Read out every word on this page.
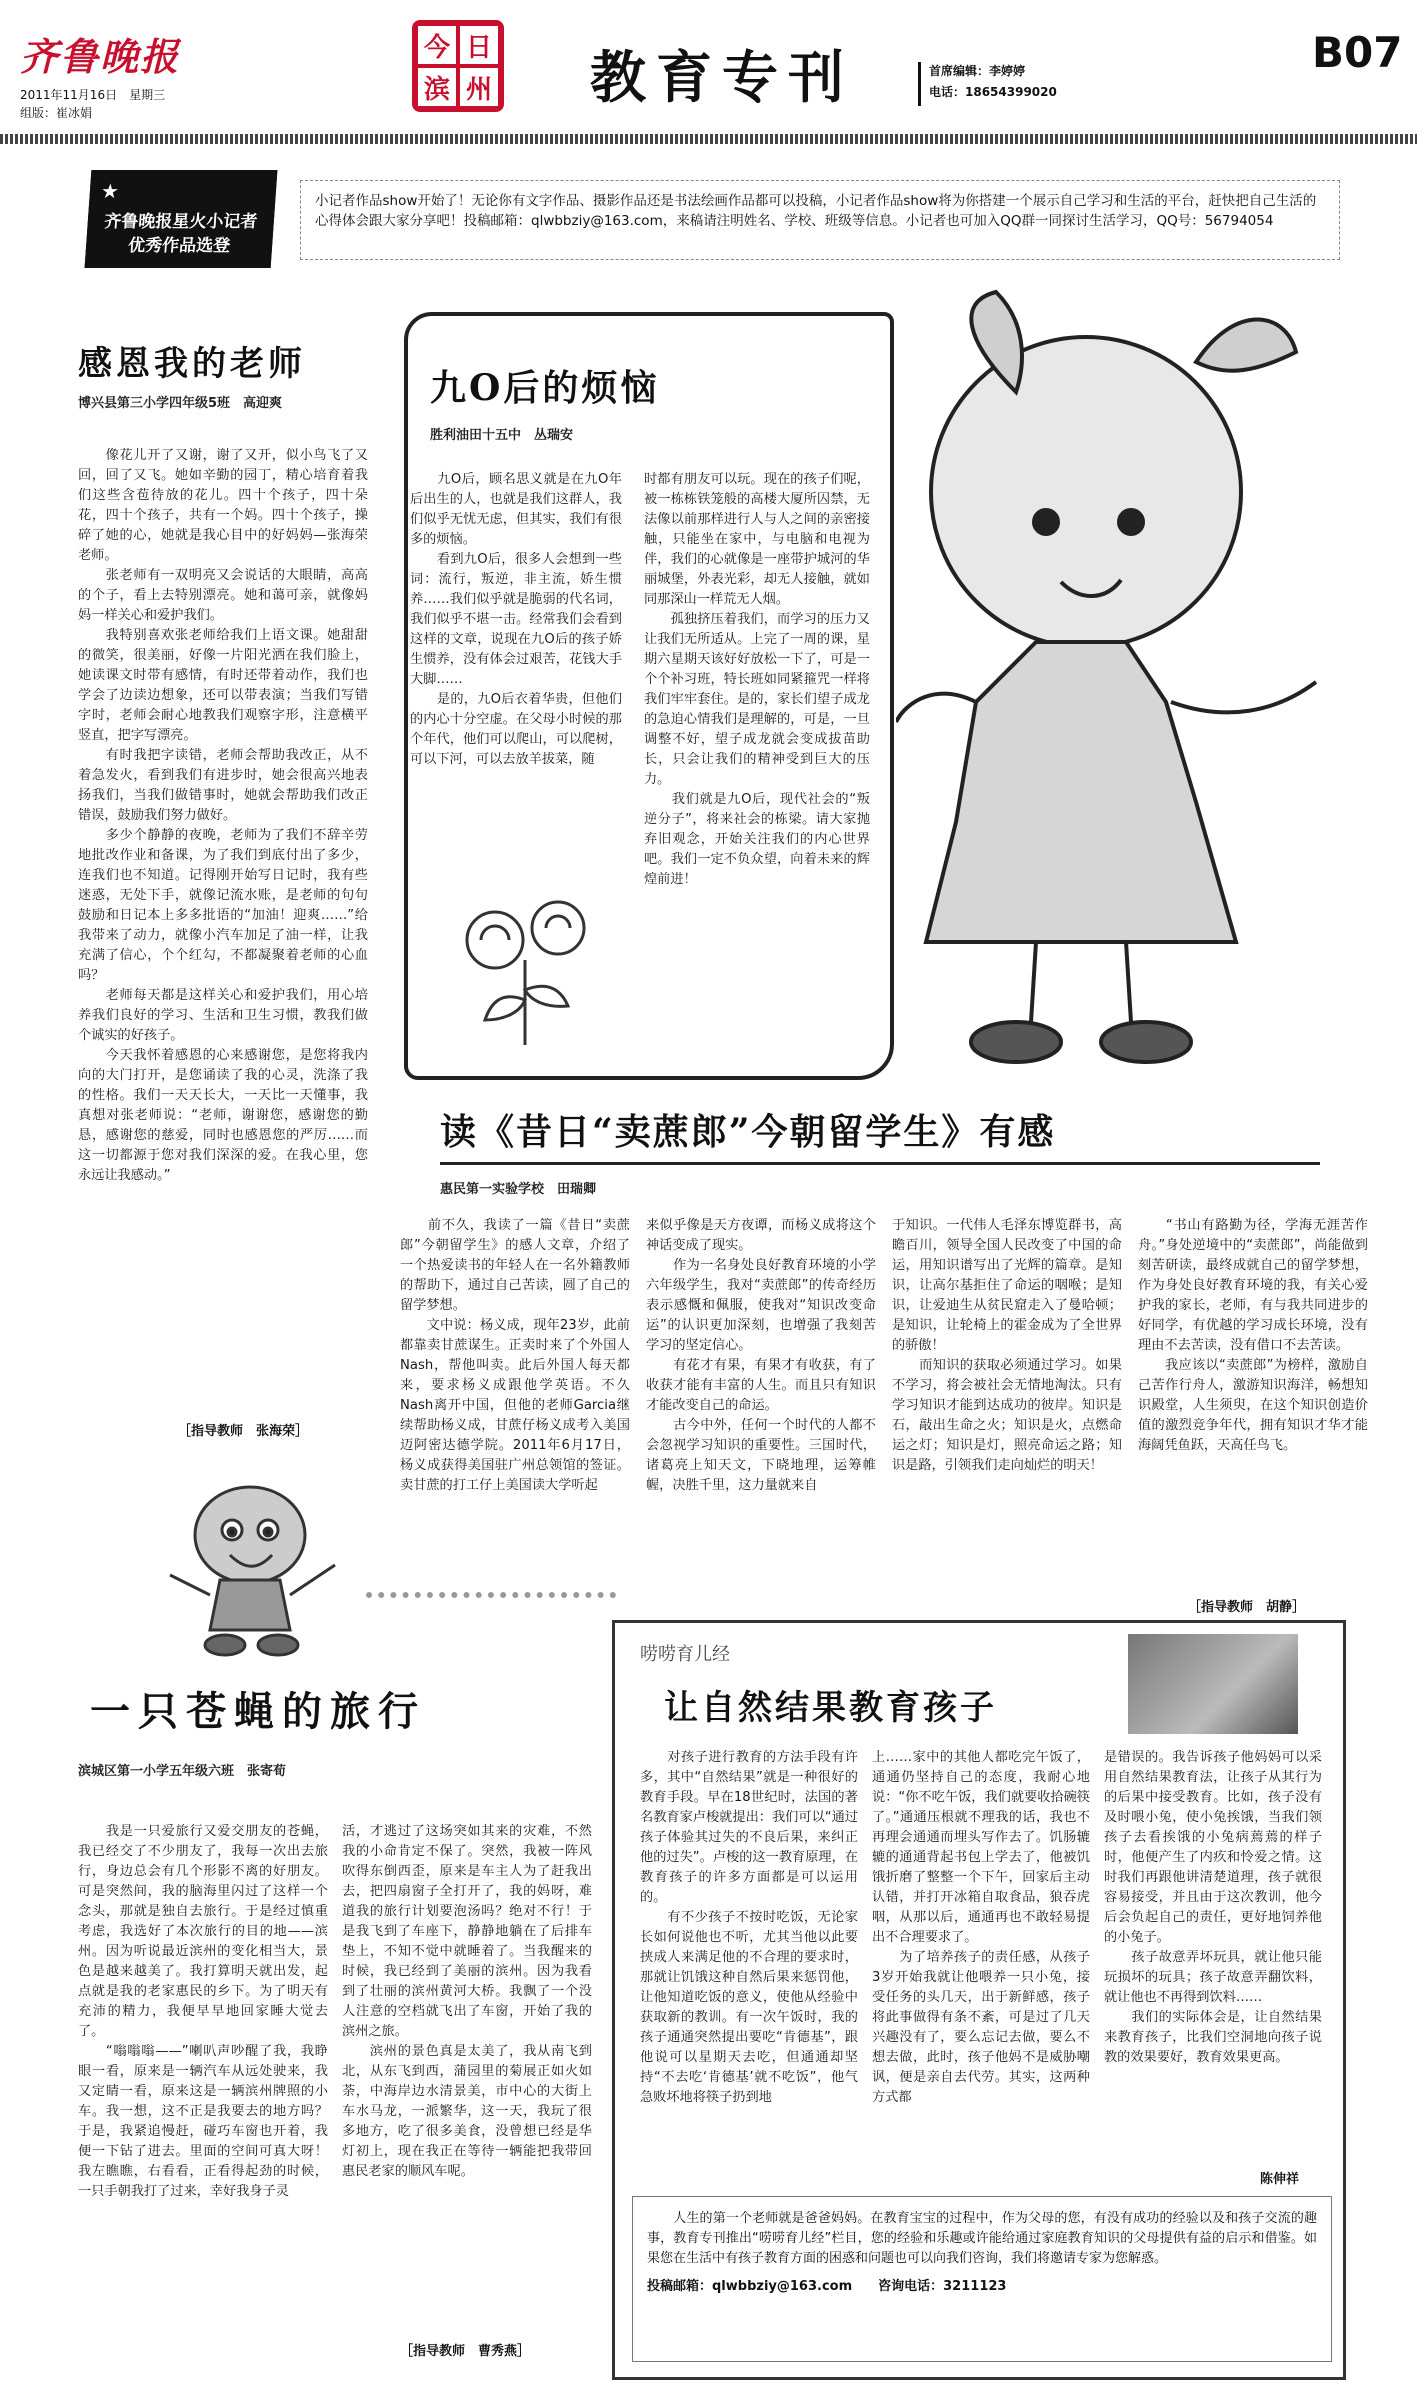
齐鲁晚报
2011年11月16日　星期三
组版：崔冰娟
今 日
滨 州 教育专刊	首席编辑：李婷婷
电话：18654399020
B07
★
齐鲁晚报星火小记者
优秀作品选登
小记者作品show开始了！无论你有文字作品、摄影作品还是书法绘画作品都可以投稿，小记者作品show将为你搭建一个展示自己学习和生活的平台，赶快把自己生活的心得体会跟大家分享吧！投稿邮箱：qlwbbziy@163.com，来稿请注明姓名、学校、班级等信息。小记者也可加入QQ群一同探讨生活学习，QQ号：56794054
感恩我的老师
博兴县第三小学四年级5班　高迎爽
　　像花儿开了又谢，谢了又开，似小鸟飞了又回，回了又飞。她如辛勤的园丁，精心培育着我们这些含苞待放的花儿。四十个孩子，四十朵花，四十个孩子，共有一个妈。四十个孩子，操碎了她的心，她就是我心目中的好妈妈—张海荣老师。
　　张老师有一双明亮又会说话的大眼睛，高高的个子，看上去特别漂亮。她和蔼可亲，就像妈妈一样关心和爱护我们。
　　我特别喜欢张老师给我们上语文课。她甜甜的微笑，很美丽，好像一片阳光洒在我们脸上，她读课文时带有感情，有时还带着动作，我们也学会了边读边想象，还可以带表演；当我们写错字时，老师会耐心地教我们观察字形，注意横平竖直，把字写漂亮。
　　有时我把字读错，老师会帮助我改正，从不着急发火，看到我们有进步时，她会很高兴地表扬我们，当我们做错事时，她就会帮助我们改正错误，鼓励我们努力做好。
　　多少个静静的夜晚，老师为了我们不辞辛劳地批改作业和备课，为了我们到底付出了多少，连我们也不知道。记得刚开始写日记时，我有些迷惑，无处下手，就像记流水账，是老师的句句鼓励和日记本上多多批语的“加油！迎爽……”给我带来了动力，就像小汽车加足了油一样，让我充满了信心，个个红勾，不都凝聚着老师的心血吗？
　　老师每天都是这样关心和爱护我们，用心培养我们良好的学习、生活和卫生习惯，教我们做个诚实的好孩子。
　　今天我怀着感恩的心来感谢您，是您将我内向的大门打开，是您诵读了我的心灵，洗涤了我的性格。我们一天天长大，一天比一天懂事，我真想对张老师说：“老师，谢谢您，感谢您的勤恳，感谢您的慈爱，同时也感恩您的严厉……而这一切都源于您对我们深深的爱。在我心里，您永远让我感动。”
［指导教师　张海荣］
九O后的烦恼
胜利油田十五中　丛瑞安
　　九O后，顾名思义就是在九O年后出生的人，也就是我们这群人，我们似乎无忧无虑，但其实，我们有很多的烦恼。
　　看到九O后，很多人会想到一些词：流行，叛逆，非主流，娇生惯养……我们似乎就是脆弱的代名词，我们似乎不堪一击。经常我们会看到这样的文章，说现在九O后的孩子娇生惯养，没有体会过艰苦，花钱大手大脚……
　　是的，九O后衣着华贵，但他们的内心十分空虚。在父母小时候的那个年代，他们可以爬山，可以爬树，可以下河，可以去放羊拔菜，随
时都有朋友可以玩。现在的孩子们呢，被一栋栋铁笼般的高楼大厦所囚禁，无法像以前那样进行人与人之间的亲密接触，只能坐在家中，与电脑和电视为伴，我们的心就像是一座带护城河的华丽城堡，外表光彩，却无人接触，就如同那深山一样荒无人烟。
　　孤独挤压着我们，而学习的压力又让我们无所适从。上完了一周的课，星期六星期天该好好放松一下了，可是一个个补习班，特长班如同紧箍咒一样将我们牢牢套住。是的，家长们望子成龙的急迫心情我们是理解的，可是，一旦调整不好，望子成龙就会变成拔苗助长，只会让我们的精神受到巨大的压力。
　　我们就是九O后，现代社会的“叛逆分子”，将来社会的栋梁。请大家抛弃旧观念，开始关注我们的内心世界吧。我们一定不负众望，向着未来的辉煌前进！
读《昔日“卖蔗郎”今朝留学生》有感
惠民第一实验学校　田瑞卿
　　前不久，我读了一篇《昔日“卖蔗郎”今朝留学生》的感人文章，介绍了一个热爱读书的年轻人在一名外籍教师的帮助下，通过自己苦读，圆了自己的留学梦想。
　　文中说：杨义成，现年23岁，此前都靠卖甘蔗谋生。正卖时来了个外国人Nash，帮他叫卖。此后外国人每天都来，要求杨义成跟他学英语。不久Nash离开中国，但他的老师Garcia继续帮助杨义成，甘蔗仔杨义成考入美国迈阿密达德学院。2011年6月17日，杨义成获得美国驻广州总领馆的签证。卖甘蔗的打工仔上美国读大学听起
来似乎像是天方夜谭，而杨义成将这个神话变成了现实。
　　作为一名身处良好教育环境的小学六年级学生，我对“卖蔗郎”的传奇经历表示感慨和佩服，使我对“知识改变命运”的认识更加深刻，也增强了我刻苦学习的坚定信心。
　　有花才有果，有果才有收获，有了收获才能有丰富的人生。而且只有知识才能改变自己的命运。
　　古今中外，任何一个时代的人都不会忽视学习知识的重要性。三国时代，诸葛亮上知天文，下晓地理，运筹帷幄，决胜千里，这力量就来自
于知识。一代伟人毛泽东博览群书，高瞻百川，领导全国人民改变了中国的命运，用知识谱写出了光辉的篇章。是知识，让高尔基拒住了命运的咽喉；是知识，让爱迪生从贫民窟走入了曼哈顿；是知识，让轮椅上的霍金成为了全世界的骄傲！
　　而知识的获取必须通过学习。如果不学习，将会被社会无情地淘汰。只有学习知识才能到达成功的彼岸。知识是石，敲出生命之火；知识是火，点燃命运之灯；知识是灯，照亮命运之路；知识是路，引领我们走向灿烂的明天！
　　“书山有路勤为径，学海无涯苦作舟。”身处逆境中的“卖蔗郎”，尚能做到刻苦研读，最终成就自己的留学梦想，作为身处良好教育环境的我，有关心爱护我的家长，老师，有与我共同进步的好同学，有优越的学习成长环境，没有理由不去苦读，没有借口不去苦读。
　　我应该以“卖蔗郎”为榜样，激励自己苦作行舟人，激游知识海洋，畅想知识殿堂，人生须臾，在这个知识创造价值的激烈竞争年代，拥有知识才华才能海阔凭鱼跃，天高任鸟飞。
［指导教师　胡静］
一只苍蝇的旅行
滨城区第一小学五年级六班　张寄荀
　　我是一只爱旅行又爱交朋友的苍蝇，我已经交了不少朋友了，我每一次出去旅行，身边总会有几个形影不离的好朋友。可是突然间，我的脑海里闪过了这样一个念头，那就是独自去旅行。于是经过慎重考虑，我选好了本次旅行的目的地——滨州。因为听说最近滨州的变化相当大，景色是越来越美了。我打算明天就出发，起点就是我的老家惠民的乡下。为了明天有充沛的精力，我便早早地回家睡大觉去了。
　　“嗡嗡嗡——”喇叭声吵醒了我，我睁眼一看，原来是一辆汽车从远处驶来，我又定睛一看，原来这是一辆滨州牌照的小车。我一想，这不正是我要去的地方吗？于是，我紧追慢赶，碰巧车窗也开着，我便一下钻了进去。里面的空间可真大呀！我左瞧瞧，右看看，正看得起劲的时候，一只手朝我打了过来，幸好我身子灵
活，才逃过了这场突如其来的灾难，不然我的小命肯定不保了。突然，我被一阵风吹得东倒西歪，原来是车主人为了赶我出去，把四扇窗子全打开了，我的妈呀，难道我的旅行计划要泡汤吗？绝对不行！于是我飞到了车座下，静静地躺在了后排车垫上，不知不觉中就睡着了。当我醒来的时候，我已经到了美丽的滨州。因为我看到了壮丽的滨州黄河大桥。我飘了一个没人注意的空档就飞出了车窗，开始了我的滨州之旅。
　　滨州的景色真是太美了，我从南飞到北，从东飞到西，蒲园里的菊展正如火如荼，中海岸边水清景美，市中心的大街上车水马龙，一派繁华，这一天，我玩了很多地方，吃了很多美食，没曾想已经是华灯初上，现在我正在等待一辆能把我带回惠民老家的顺风车呢。
［指导教师　曹秀燕］
唠唠育儿经
让自然结果教育孩子
　　对孩子进行教育的方法手段有许多，其中“自然结果”就是一种很好的教育手段。早在18世纪时，法国的著名教育家卢梭就提出：我们可以“通过孩子体验其过失的不良后果，来纠正他的过失”。卢梭的这一教育原理，在教育孩子的许多方面都是可以运用的。
　　有不少孩子不按时吃饭，无论家长如何说他也不听，尤其当他以此要挟成人来满足他的不合理的要求时，那就让饥饿这种自然后果来惩罚他，让他知道吃饭的意义，使他从经验中获取新的教训。有一次午饭时，我的孩子通通突然提出要吃“肯德基”，跟他说可以星期天去吃，但通通却坚持“不去吃‘肯德基’就不吃饭”，他气急败坏地将筷子扔到地
上……家中的其他人都吃完午饭了，通通仍坚持自己的态度，我耐心地说：“你不吃午饭，我们就要收拾碗筷了。”通通压根就不理我的话，我也不再理会通通而埋头写作去了。饥肠辘辘的通通背起书包上学去了，他被饥饿折磨了整整一个下午，回家后主动认错，并打开冰箱自取食品，狼吞虎咽，从那以后，通通再也不敢轻易提出不合理要求了。
　　为了培养孩子的责任感，从孩子3岁开始我就让他喂养一只小兔，接受任务的头几天，出于新鲜感，孩子将此事做得有条不紊，可是过了几天兴趣没有了，要么忘记去做，要么不想去做，此时，孩子他妈不是威胁嘲讽，便是亲自去代劳。其实，这两种方式都
是错误的。我告诉孩子他妈妈可以采用自然结果教育法，让孩子从其行为的后果中接受教育。比如，孩子没有及时喂小兔，使小兔挨饿，当我们领孩子去看挨饿的小兔病蔫蔫的样子时，他便产生了内疚和怜爱之情。这时我们再跟他讲清楚道理，孩子就很容易接受，并且由于这次教训，他今后会负起自己的责任，更好地饲养他的小兔子。
　　孩子故意弄坏玩具，就让他只能玩损坏的玩具；孩子故意弄翻饮料，就让他也不再得到饮料……
　　我们的实际体会是，让自然结果来教育孩子，比我们空洞地向孩子说教的效果要好，教育效果更高。
陈伸祥
　　人生的第一个老师就是爸爸妈妈。在教育宝宝的过程中，作为父母的您，有没有成功的经验以及和孩子交流的趣事，教育专刊推出“唠唠育儿经”栏目，您的经验和乐趣或许能给通过家庭教育知识的父母提供有益的启示和借鉴。如果您在生活中有孩子教育方面的困惑和问题也可以向我们咨询，我们将邀请专家为您解惑。
投稿邮箱：qlwbbziy@163.com　　咨询电话：3211123
